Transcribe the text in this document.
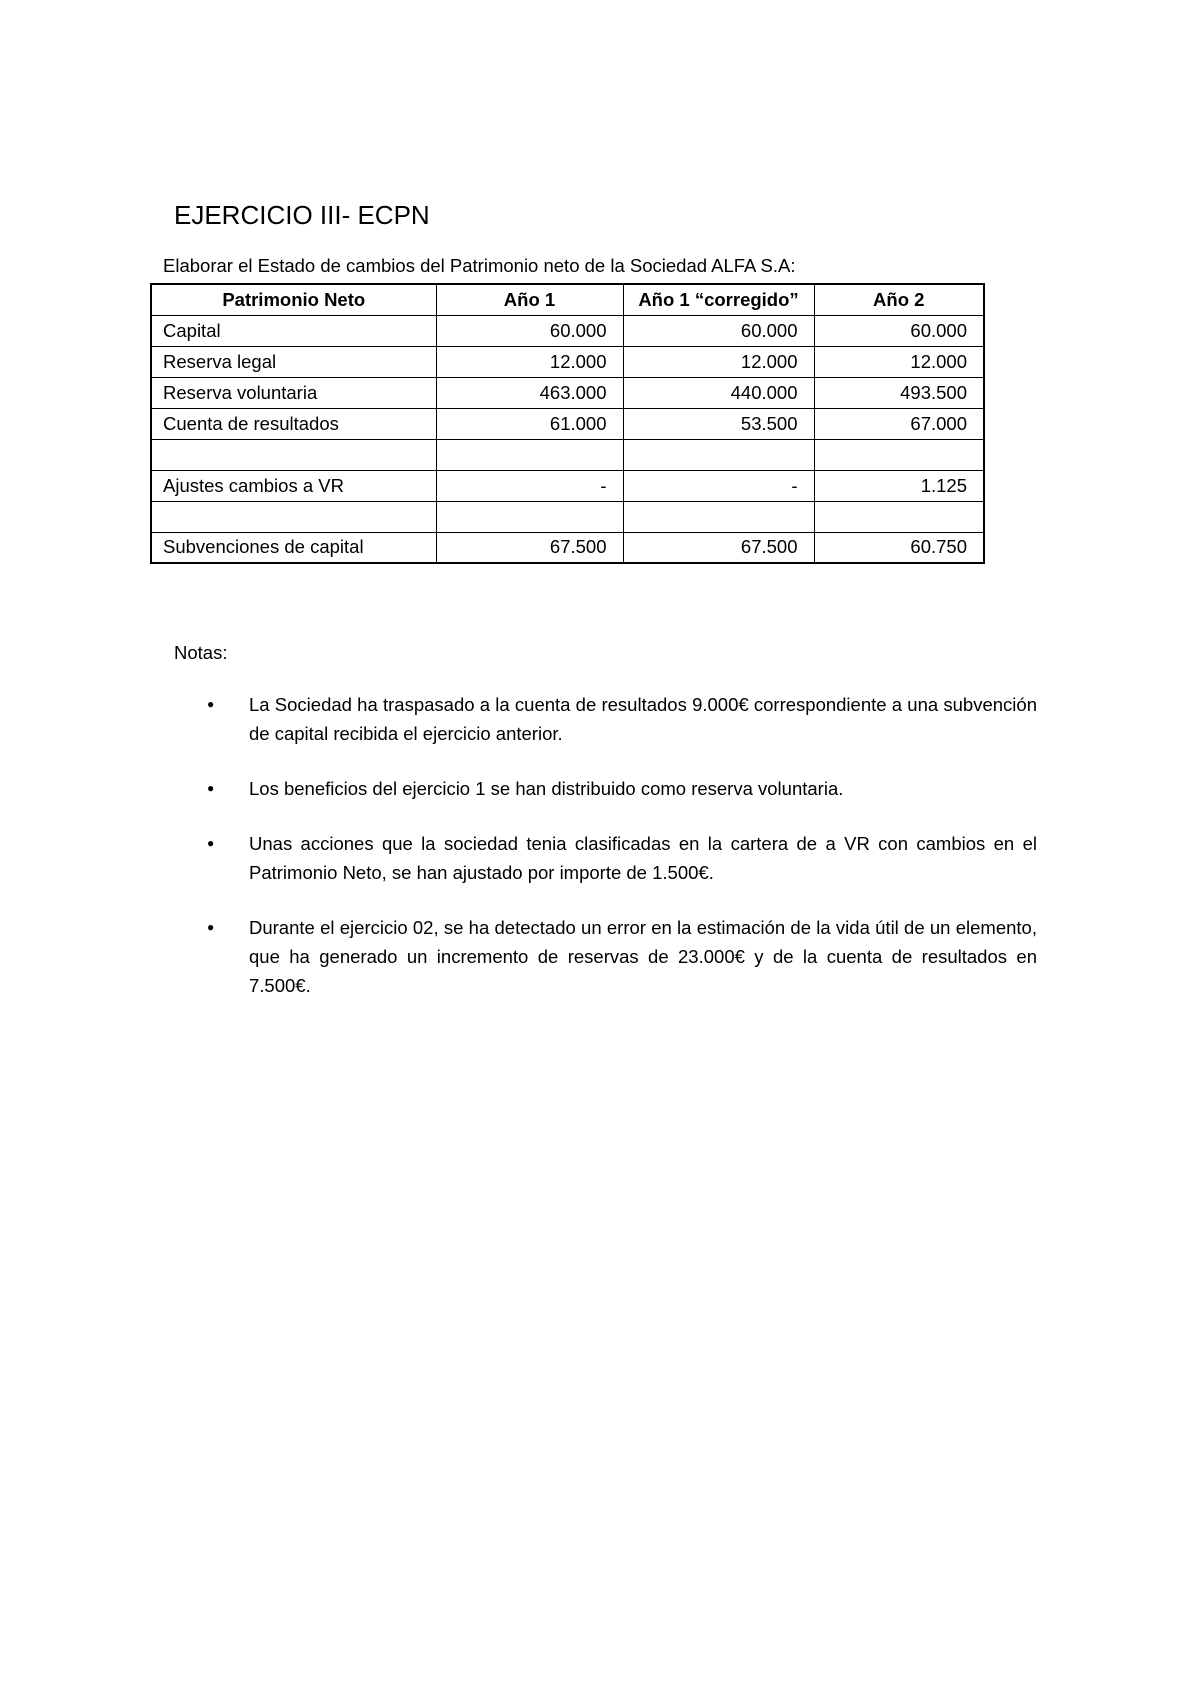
EJERCICIO III- ECPN
Elaborar el Estado de cambios del Patrimonio neto de la Sociedad ALFA S.A:
Patrimonio Neto	Año 1	Año 1 “corregido”	Año 2
Capital	60.000	60.000	60.000
Reserva legal	12.000	12.000	12.000
Reserva voluntaria	463.000	440.000	493.500
Cuenta de resultados	61.000	53.500	67.000

Ajustes cambios a VR	-	-	1.125

Subvenciones de capital	67.500	67.500	60.750
Notas:
● La Sociedad ha traspasado a la cuenta de resultados 9.000€ correspondiente a una subvención de capital recibida el ejercicio anterior.
● Los beneficios del ejercicio 1 se han distribuido como reserva voluntaria.
● Unas acciones que la sociedad tenia clasificadas en la cartera de a VR con cambios en el Patrimonio Neto, se han ajustado por importe de 1.500€.
● Durante el ejercicio 02, se ha detectado un error en la estimación de la vida útil de un elemento, que ha generado un incremento de reservas de 23.000€ y de la cuenta de resultados en 7.500€.
